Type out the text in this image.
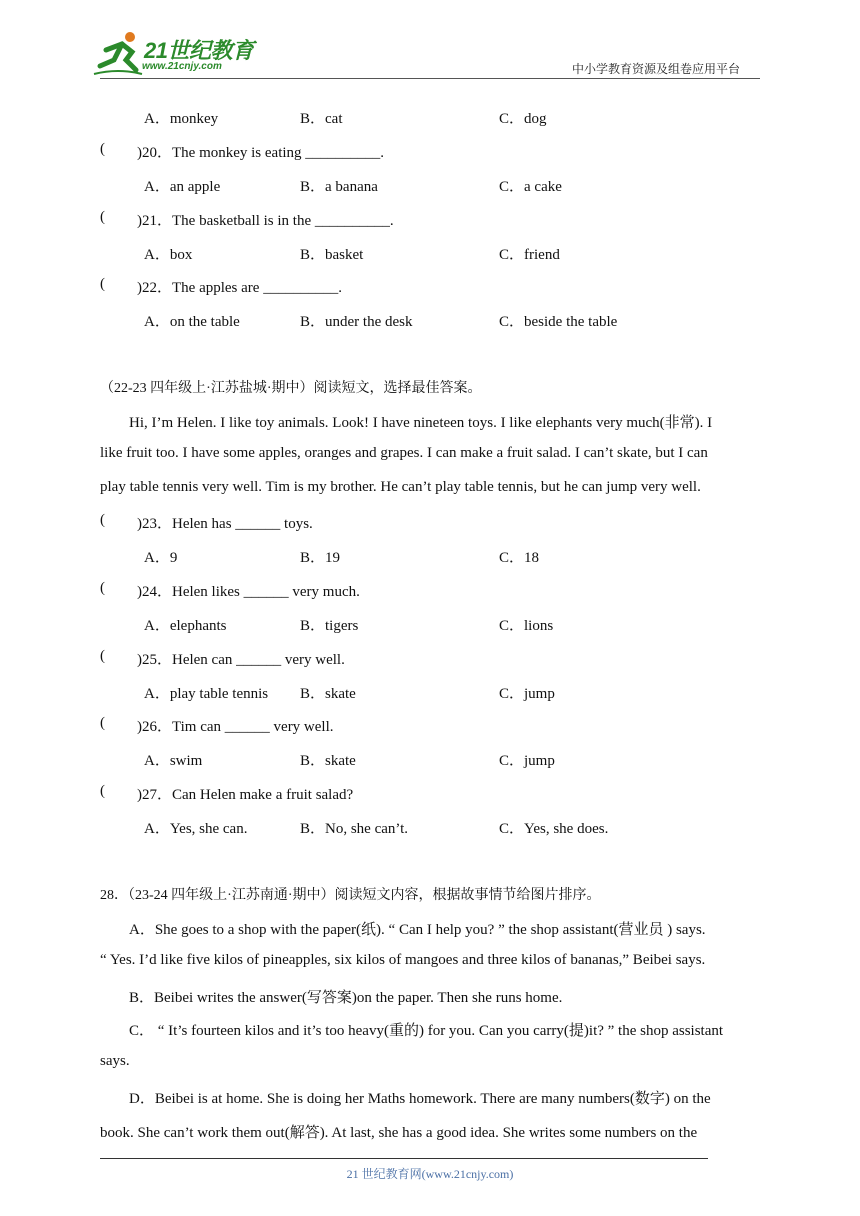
21世纪教育
www.21cnjy.com	中小学教育资源及组卷应用平台
A．monkey	B．cat	C．dog
( )20．The monkey is eating __________.
A．an apple	B．a banana	C．a cake
( )21．The basketball is in the __________.
A．box	B．basket	C．friend
( )22．The apples are __________.
A．on the table	B．under the desk	C．beside the table
（22-23 四年级上·江苏盐城·期中）阅读短文，选择最佳答案。
Hi, I’m Helen. I like toy animals. Look! I have nineteen toys. I like elephants very much(非常). I
like fruit too. I have some apples, oranges and grapes. I can make a fruit salad. I can’t skate, but I can
play table tennis very well. Tim is my brother. He can’t play table tennis, but he can jump very well.
( )23．Helen has ______ toys.
A．9	B．19	C．18
( )24．Helen likes ______ very much.
A．elephants	B．tigers	C．lions
( )25．Helen can ______ very well.
A．play table tennis B．skate	C．jump
( )26．Tim can ______ very well.
A．swim	B．skate	C．jump
( )27．Can Helen make a fruit salad?
A．Yes, she can.	B．No, she can’t.	C．Yes, she does.
28．（23-24 四年级上·江苏南通·期中）阅读短文内容，根据故事情节给图片排序。
A．She goes to a shop with the paper(纸). “ Can I help you? ” the shop assistant(营业员 ) says.
“ Yes. I’d like five kilos of pineapples, six kilos of mangoes and three kilos of bananas,” Beibei says.
B．Beibei writes the answer(写答案)on the paper. Then she runs home.
C． “ It’s fourteen kilos and it’s too heavy(重的) for you. Can you carry(提)it? ” the shop assistant
says.
D．Beibei is at home. She is doing her Maths homework. There are many numbers(数字) on the
book. She can’t work them out(解答). At last, she has a good idea. She writes some numbers on the
21 世纪教育网(www.21cnjy.com)
